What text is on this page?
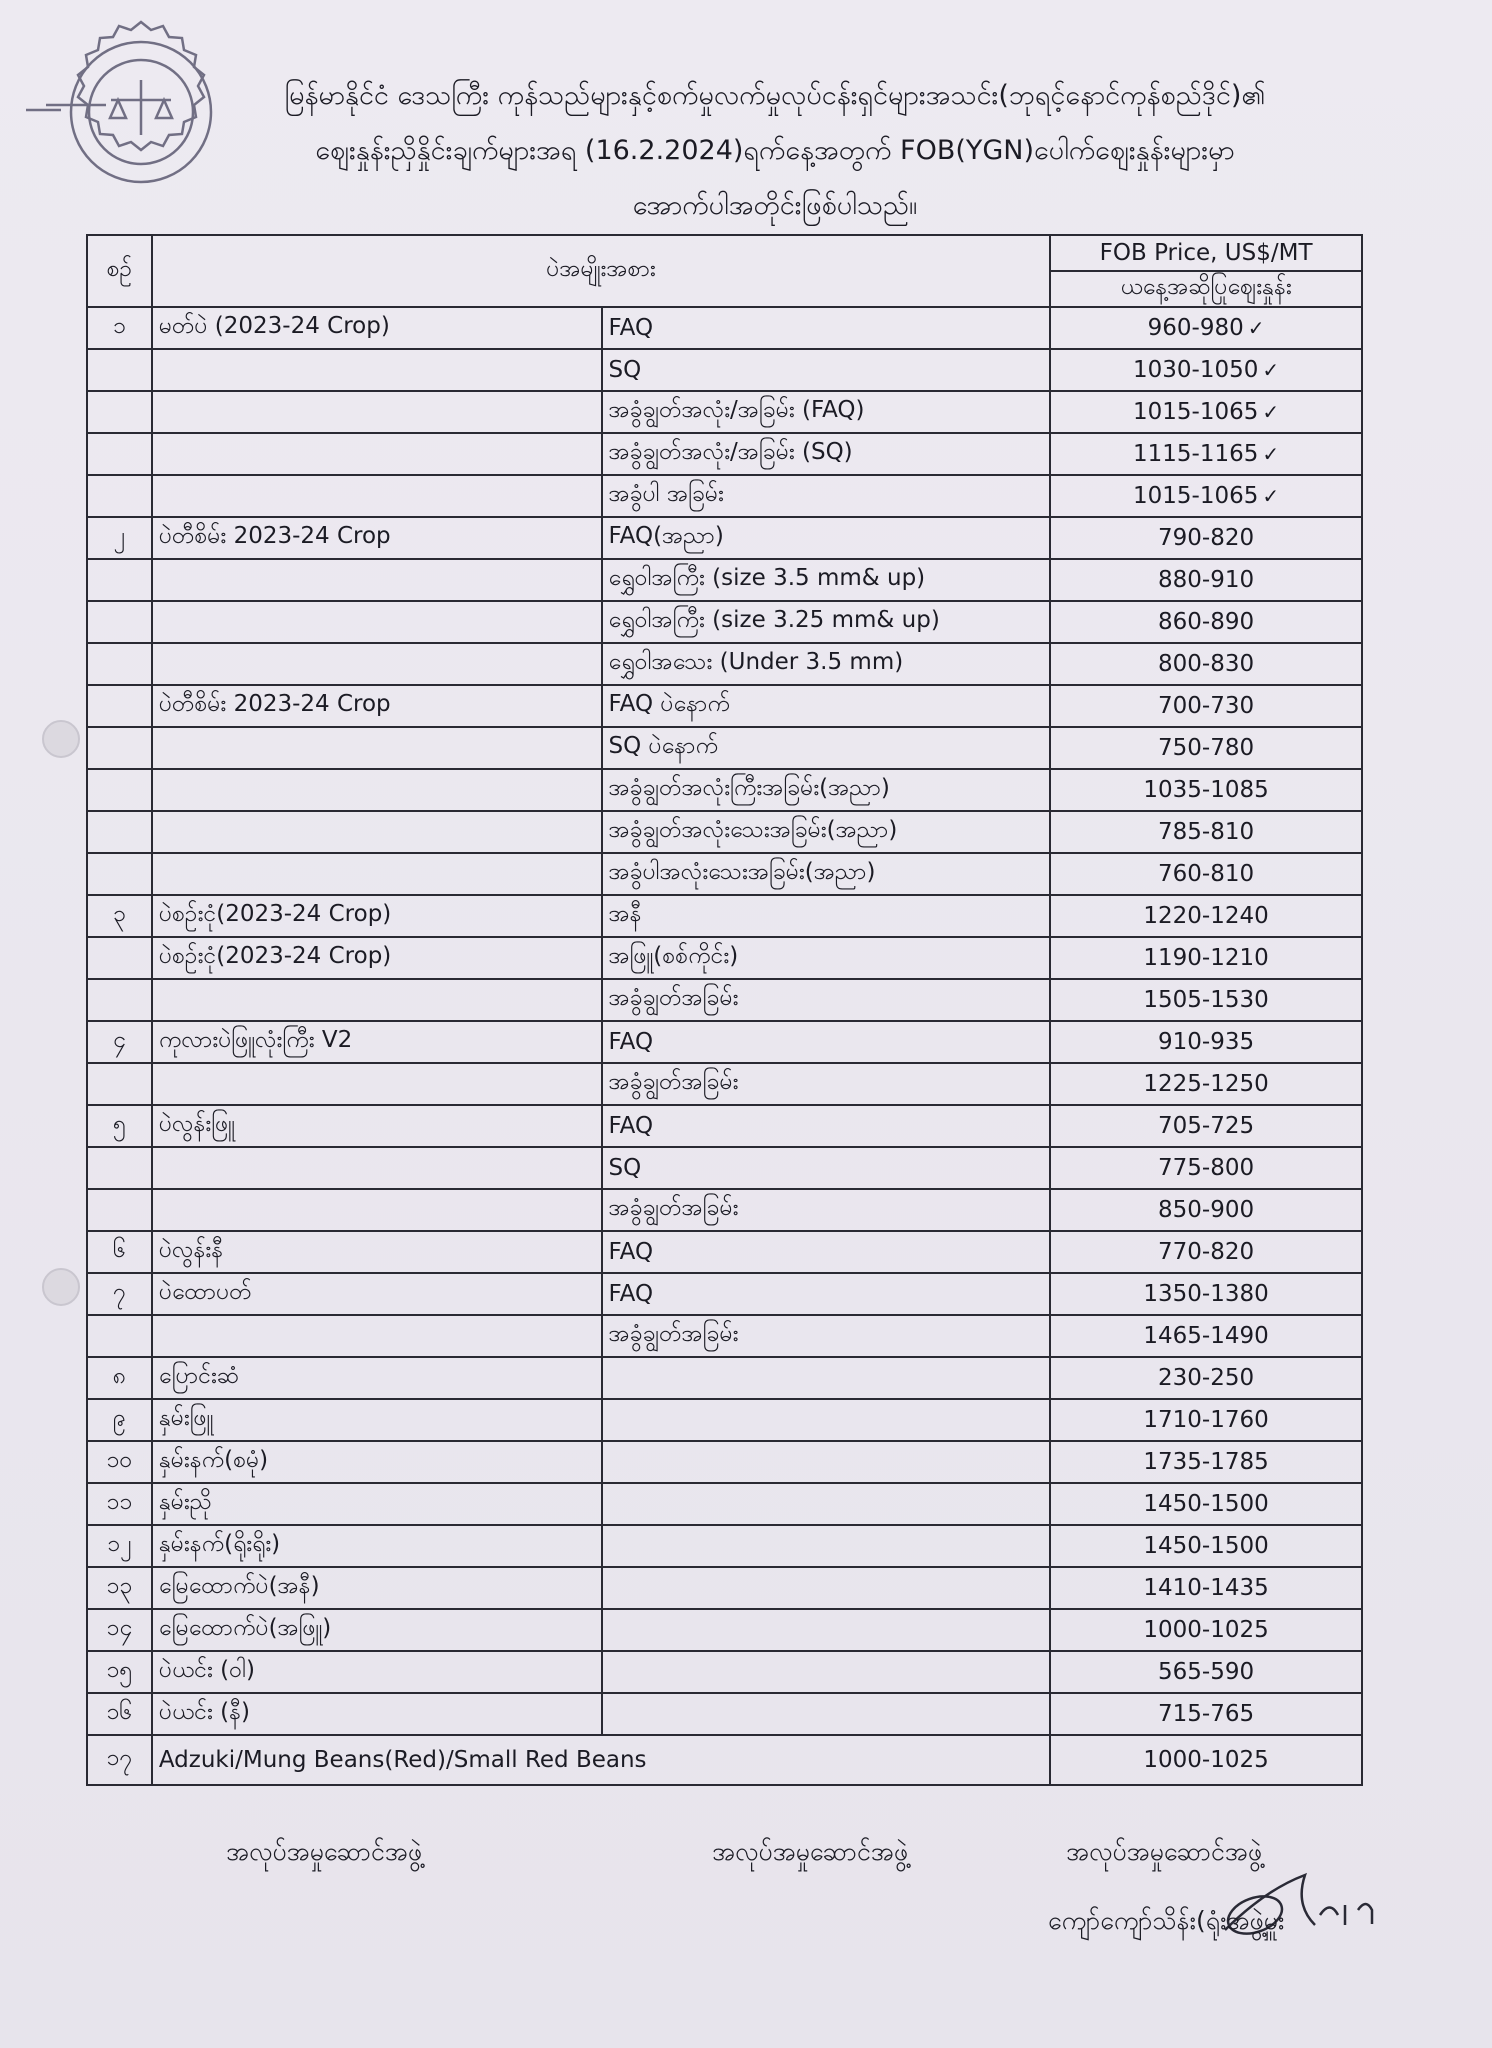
မြန်မာနိုင်ငံ ဒေသကြီး ကုန်သည်များနှင့်စက်မှုလက်မှုလုပ်ငန်းရှင်များအသင်း(ဘုရင့်နောင်ကုန်စည်ဒိုင်)၏
ဈေးနှုန်းညှိနှိုင်းချက်များအရ (16.2.2024)ရက်နေ့အတွက် FOB(YGN)ပေါက်ဈေးနှုန်းများမှာ
အောက်ပါအတိုင်းဖြစ်ပါသည်။
စဉ်	ပဲအမျိုးအစား		FOB Price, US$/MT
			ယနေ့အဆိုပြုဈေးနှုန်း
၁	မတ်ပဲ (2023-24 Crop)	FAQ	960-980 ✓
		SQ	1030-1050 ✓
		အခွံချွတ်အလုံး/အခြမ်း (FAQ)	1015-1065 ✓
		အခွံချွတ်အလုံး/အခြမ်း (SQ)	1115-1165 ✓
		အခွံပါ အခြမ်း	1015-1065 ✓
၂	ပဲတီစိမ်း 2023-24 Crop	FAQ(အညာ)	790-820
		ရွှေဝါအကြီး (size 3.5 mm& up)	880-910
		ရွှေဝါအကြီး (size 3.25 mm& up)	860-890
		ရွှေဝါအသေး (Under 3.5 mm)	800-830
	ပဲတီစိမ်း 2023-24 Crop	FAQ ပဲနောက်	700-730
		SQ ပဲနောက်	750-780
		အခွံချွတ်အလုံးကြီးအခြမ်း(အညာ)	1035-1085
		အခွံချွတ်အလုံးသေးအခြမ်း(အညာ)	785-810
		အခွံပါအလုံးသေးအခြမ်း(အညာ)	760-810
၃	ပဲစဉ်းငုံ(2023-24 Crop)	အနီ	1220-1240
	ပဲစဉ်းငုံ(2023-24 Crop)	အဖြူ(စစ်ကိုင်း)	1190-1210
		အခွံချွတ်အခြမ်း	1505-1530
၄	ကုလားပဲဖြူလုံးကြီး V2	FAQ	910-935
		အခွံချွတ်အခြမ်း	1225-1250
၅	ပဲလွန်းဖြူ	FAQ	705-725
		SQ	775-800
		အခွံချွတ်အခြမ်း	850-900
၆	ပဲလွန်းနီ	FAQ	770-820
၇	ပဲထောပတ်	FAQ	1350-1380
		အခွံချွတ်အခြမ်း	1465-1490
၈	ပြောင်းဆံ		230-250
၉	နှမ်းဖြူ		1710-1760
၁၀	နှမ်းနက်(စမုံ)		1735-1785
၁၁	နှမ်းညို		1450-1500
၁၂	နှမ်းနက်(ရိုးရိုး)		1450-1500
၁၃	မြေထောက်ပဲ(အနီ)		1410-1435
၁၄	မြေထောက်ပဲ(အဖြူ)		1000-1025
၁၅	ပဲယင်း (ဝါ)		565-590
၁၆	ပဲယင်း (နီ)		715-765
၁၇	Adzuki/Mung Beans(Red)/Small Red Beans		1000-1025
အလုပ်အမှုဆောင်အဖွဲ့	အလုပ်အမှုဆောင်အဖွဲ့	အလုပ်အမှုဆောင်အဖွဲ့
ကျော်ကျော်သိန်း(ရုံးအဖွဲ့မှူး
